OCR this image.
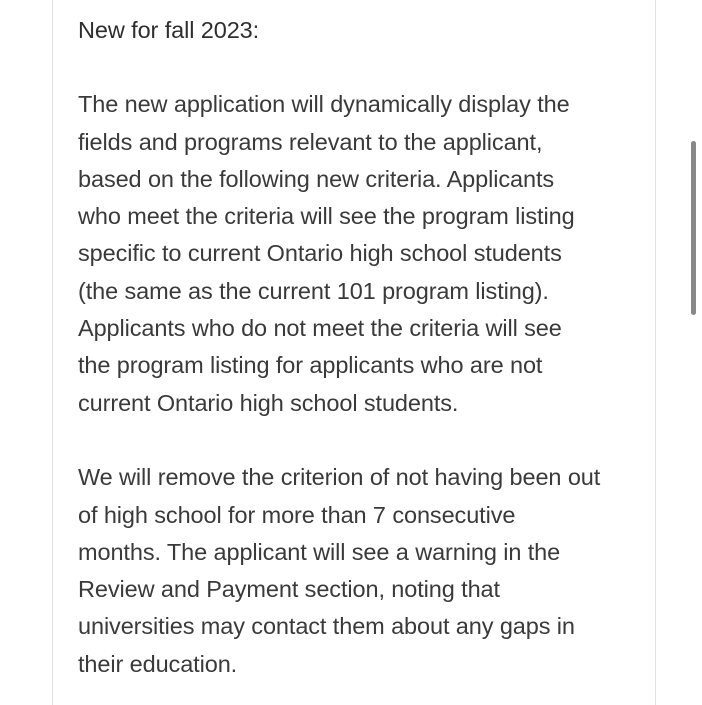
New for fall 2023:

The new application will dynamically display the
fields and programs relevant to the applicant,
based on the following new criteria. Applicants
who meet the criteria will see the program listing
specific to current Ontario high school students
(the same as the current 101 program listing).
Applicants who do not meet the criteria will see
the program listing for applicants who are not
current Ontario high school students.

We will remove the criterion of not having been out
of high school for more than 7 consecutive
months. The applicant will see a warning in the
Review and Payment section, noting that
universities may contact them about any gaps in
their education.
